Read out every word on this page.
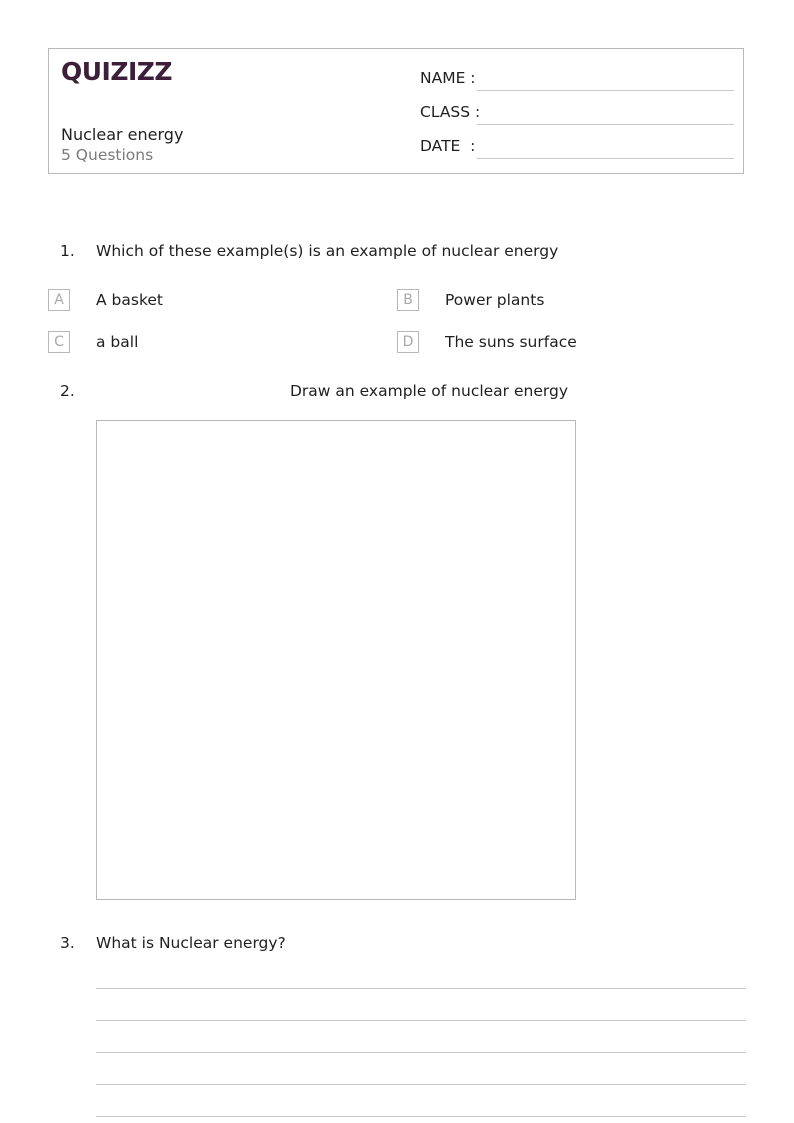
QUIZIZZ
Nuclear energy
5 Questions
NAME :
CLASS :
DATE  :
1. Which of these example(s) is an example of nuclear energy
A	A basket	B	Power plants
C	a ball	D	The suns surface
2.	Draw an example of nuclear energy
3. What is Nuclear energy?
